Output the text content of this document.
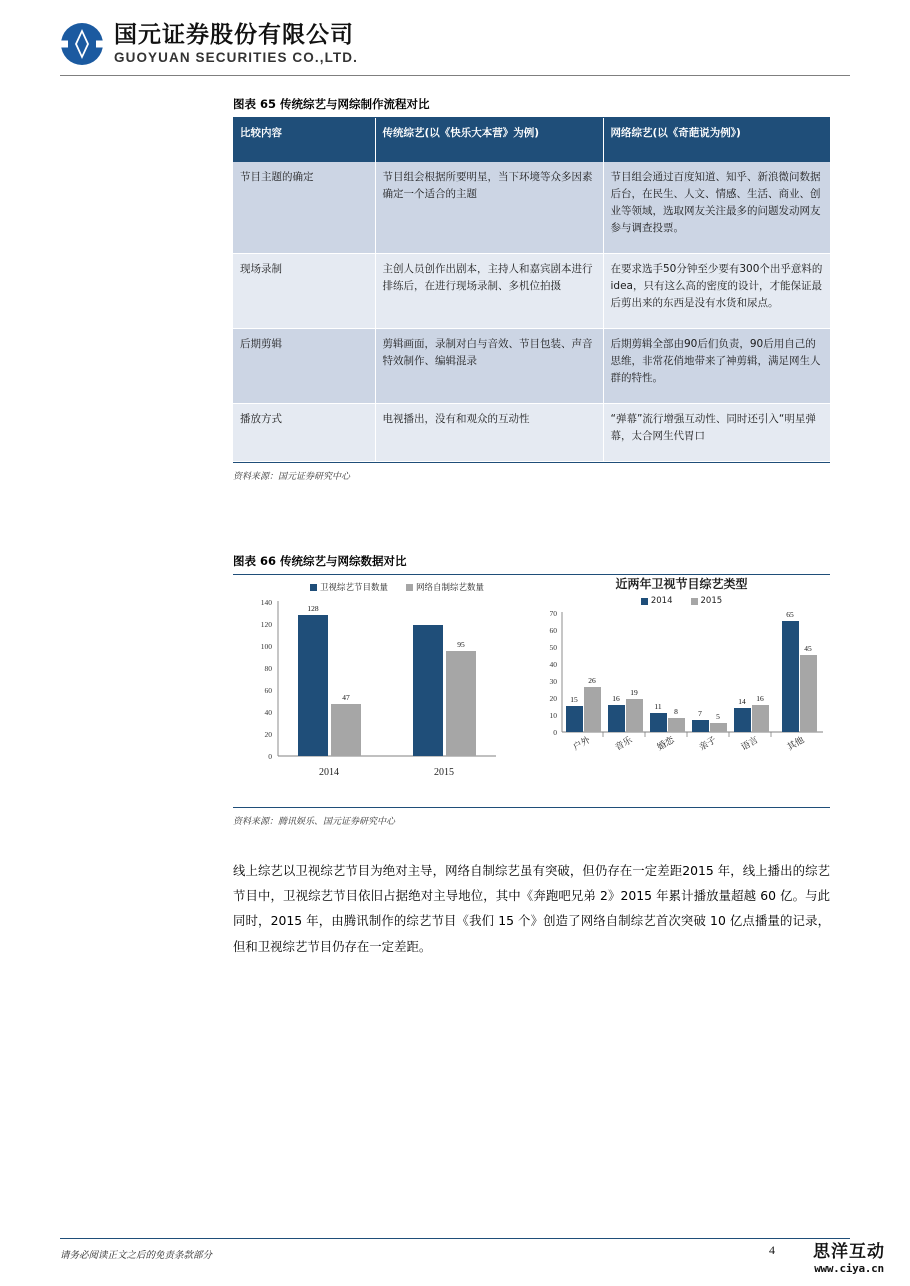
国元证券股份有限公司
GUOYUAN SECURITIES CO.,LTD.
图表 65 传统综艺与网综制作流程对比
比较内容	传统综艺(以《快乐大本营》为例)	网络综艺(以《奇葩说为例》)
节目主题的确定	节目组会根据所要明星，当下环境等众多因素确定一个适合的主题	节目组会通过百度知道、知乎、新浪微问数据后台，在民生、人文、情感、生活、商业、创业等领域，选取网友关注最多的问题发动网友参与调查投票。
现场录制	主创人员创作出剧本，主持人和嘉宾剧本进行排练后，在进行现场录制、多机位拍摄	在要求选手50分钟至少要有300个出乎意料的idea，只有这么高的密度的设计，才能保证最后剪出来的东西是没有水货和尿点。
后期剪辑	剪辑画面，录制对白与音效、节目包装、声音特效制作、编辑混录	后期剪辑全部由90后们负责，90后用自己的思维，非常花俏地带来了神剪辑，满足网生人群的特性。
播放方式	电视播出，没有和观众的互动性	“弹幕”流行增强互动性、同时还引入“明星弹幕，太合网生代胃口
资料来源：国元证券研究中心
图表 66 传统综艺与网综数据对比
卫视综艺节目数量	网络自制综艺数量
140
120
100
80
60
40
20
0
128
47
95
2014	2015
近两年卫视节目综艺类型
2014	2015
70
60
50
40
30
20
10
0
15
26
16
19
11
8	7 5
14 16
65
45
户外 音乐 婚恋 亲子 语言	其他
资料来源：腾讯娱乐、国元证券研究中心

线上综艺以卫视综艺节目为绝对主导，网络自制综艺虽有突破，但仍存在一定差距2015 年，线上播出的综艺节目中，卫视综艺节目依旧占据绝对主导地位，其中《奔跑吧兄弟 2》2015 年累计播放量超越 60 亿。与此同时，2015 年，由腾讯制作的综艺节目《我们 15 个》创造了网络自制综艺首次突破 10 亿点播量的记录，但和卫视综艺节目仍存在一定差距。

请务必阅读正文之后的免责条款部分	4	思洋互动
www.ciya.cn
